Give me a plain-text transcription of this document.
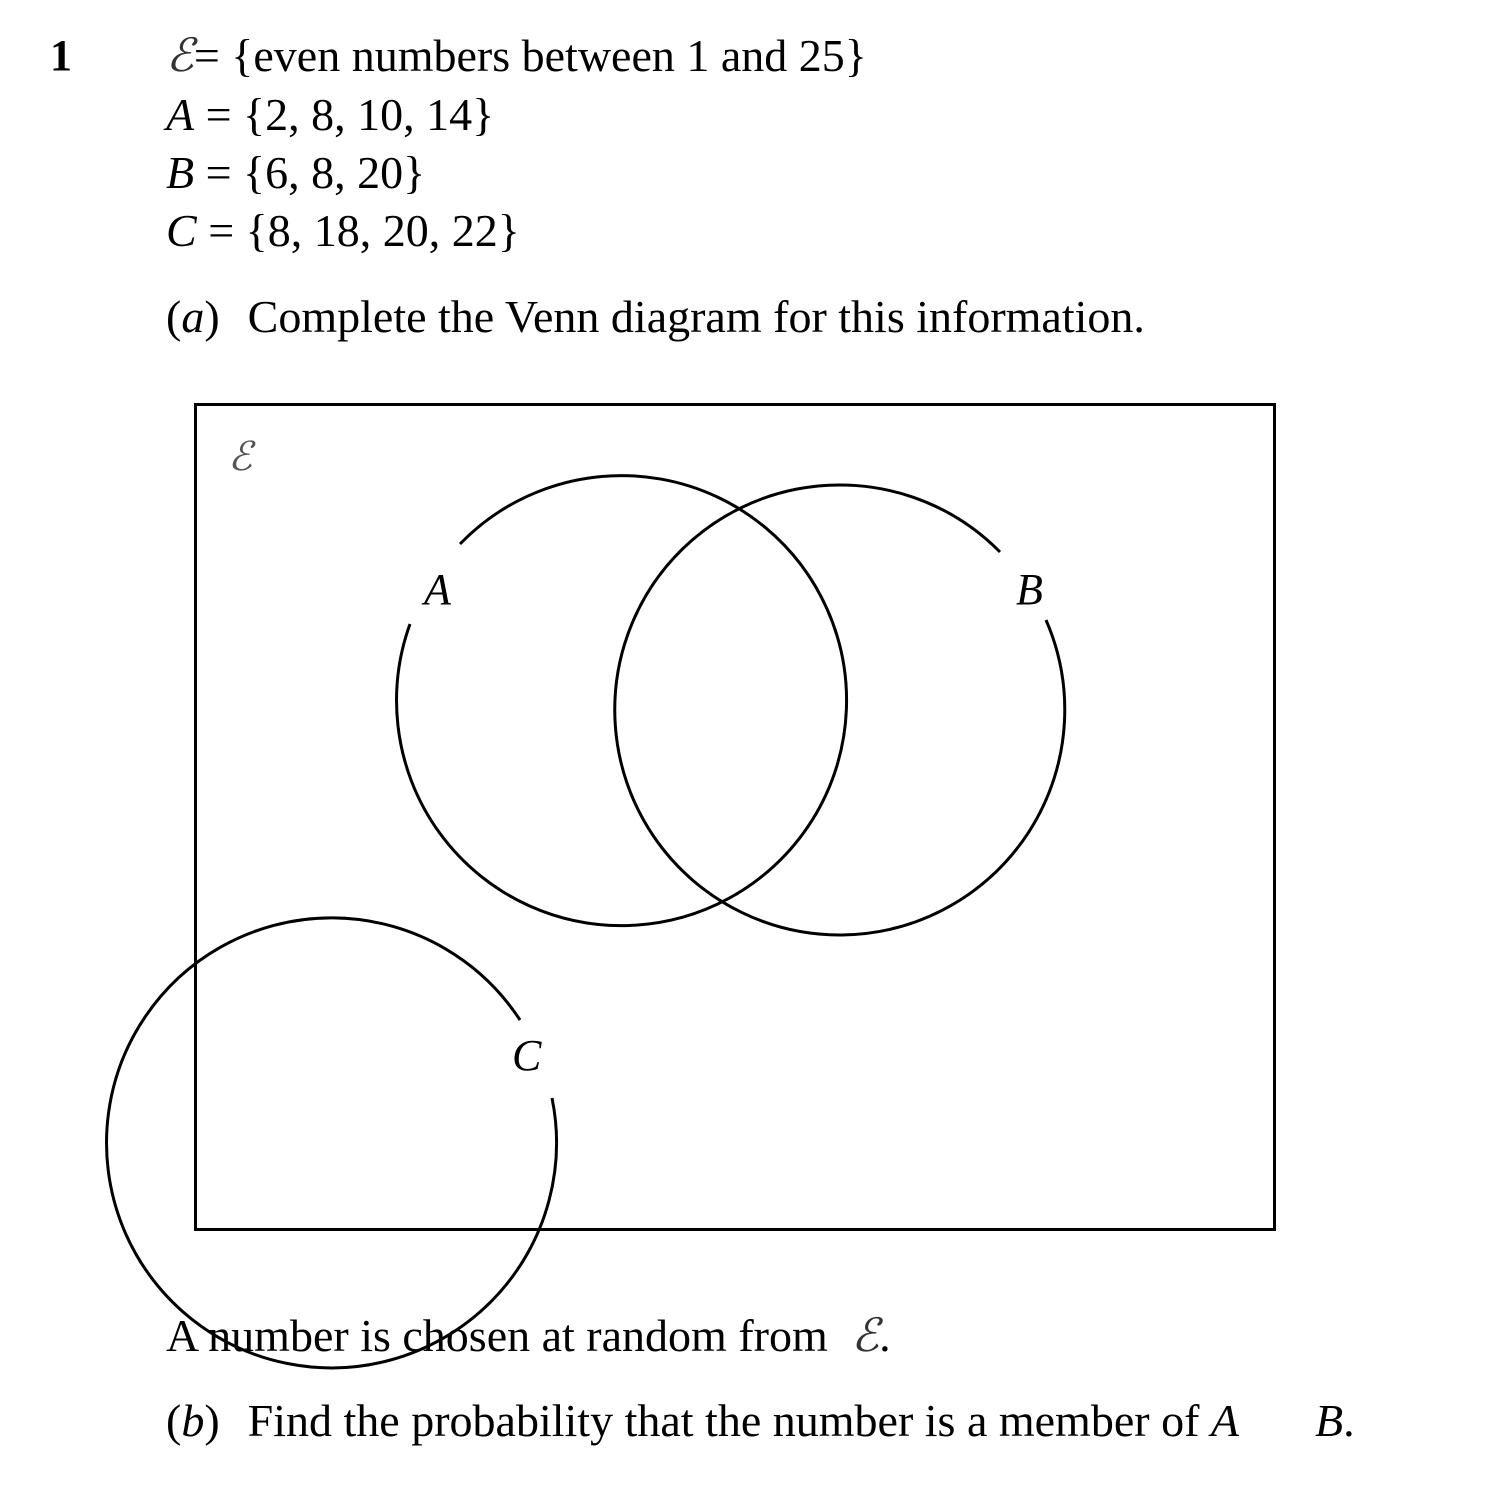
1 ℰ= {even numbers between 1 and 25}
A = {2, 8, 10, 14}
B = {6, 8, 20}
C = {8, 18, 20, 22}
(a) Complete the Venn diagram for this information.
ℰ
A	B
C
A number is chosen at random from ℰ.
(b) Find the probability that the number is a member of A B.
